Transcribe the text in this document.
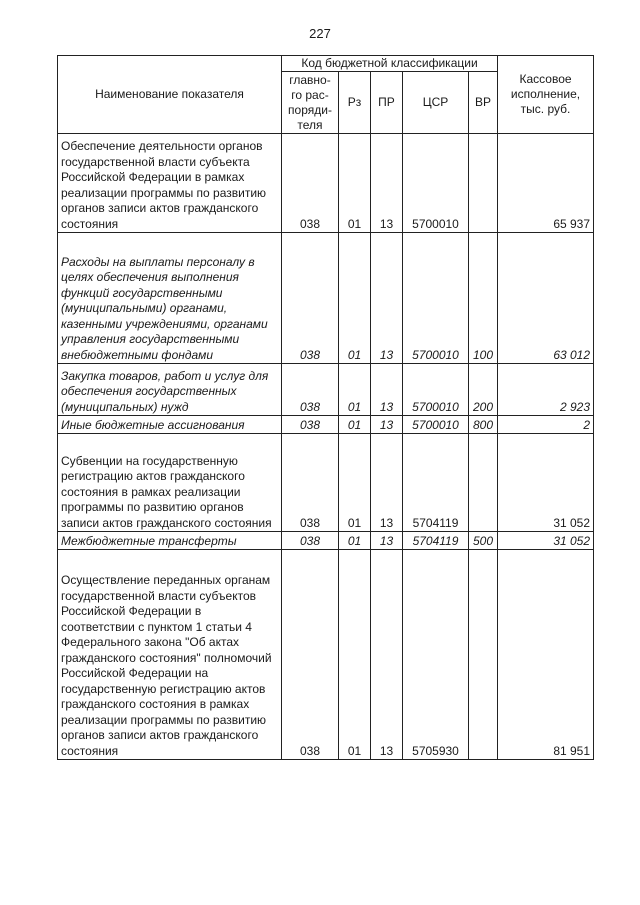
227
Наименование показателя	Код бюджетной классификации					Кассовое исполнение, тыс. руб.
	главно-го рас-поряди-теля	Рз	ПР	ЦСР	ВР	
Обеспечение деятельности органов государственной власти субъекта Российской Федерации в рамках реализации программы по развитию органов записи актов гражданского состояния	038	01	13	5700010		65 937
Расходы на выплаты персоналу в целях обеспечения выполнения функций государственными (муниципальными) органами, казенными учреждениями, органами управления государственными внебюджетными фондами	038	01	13	5700010	100	63 012
Закупка товаров, работ и услуг для обеспечения государственных (муниципальных) нужд	038	01	13	5700010	200	2 923
Иные бюджетные ассигнования	038	01	13	5700010	800	2
Субвенции на государственную регистрацию актов гражданского состояния в рамках реализации программы по развитию органов записи актов гражданского состояния	038	01	13	5704119		31 052
Межбюджетные трансферты	038	01	13	5704119	500	31 052
Осуществление переданных органам государственной власти субъектов Российской Федерации в соответствии с пунктом 1 статьи 4 Федерального закона "Об актах гражданского состояния" полномочий Российской Федерации на государственную регистрацию актов гражданского состояния в рамках реализации программы по развитию органов записи актов гражданского состояния	038	01	13	5705930		81 951
